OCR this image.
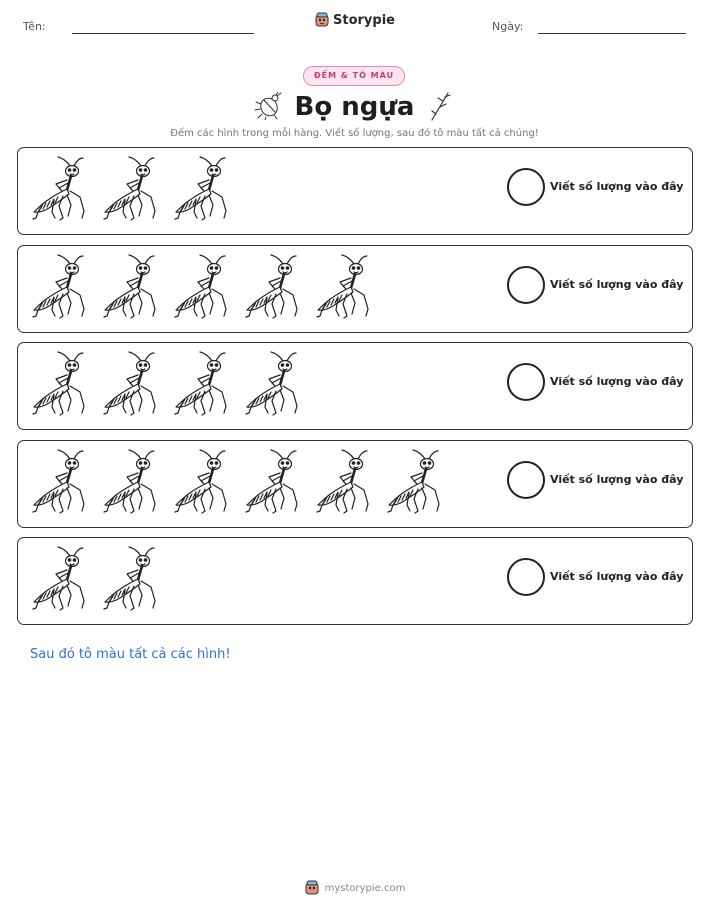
Tên:	Storypie	Ngày:
ĐẾM & TÔ MÀU
Bọ ngựa
Đếm các hình trong mỗi hàng. Viết số lượng, sau đó tô màu tất cả chúng!
Viết số lượng vào đây
Viết số lượng vào đây
Viết số lượng vào đây
Viết số lượng vào đây
Viết số lượng vào đây
Sau đó tô màu tất cả các hình!
mystorypie.com
